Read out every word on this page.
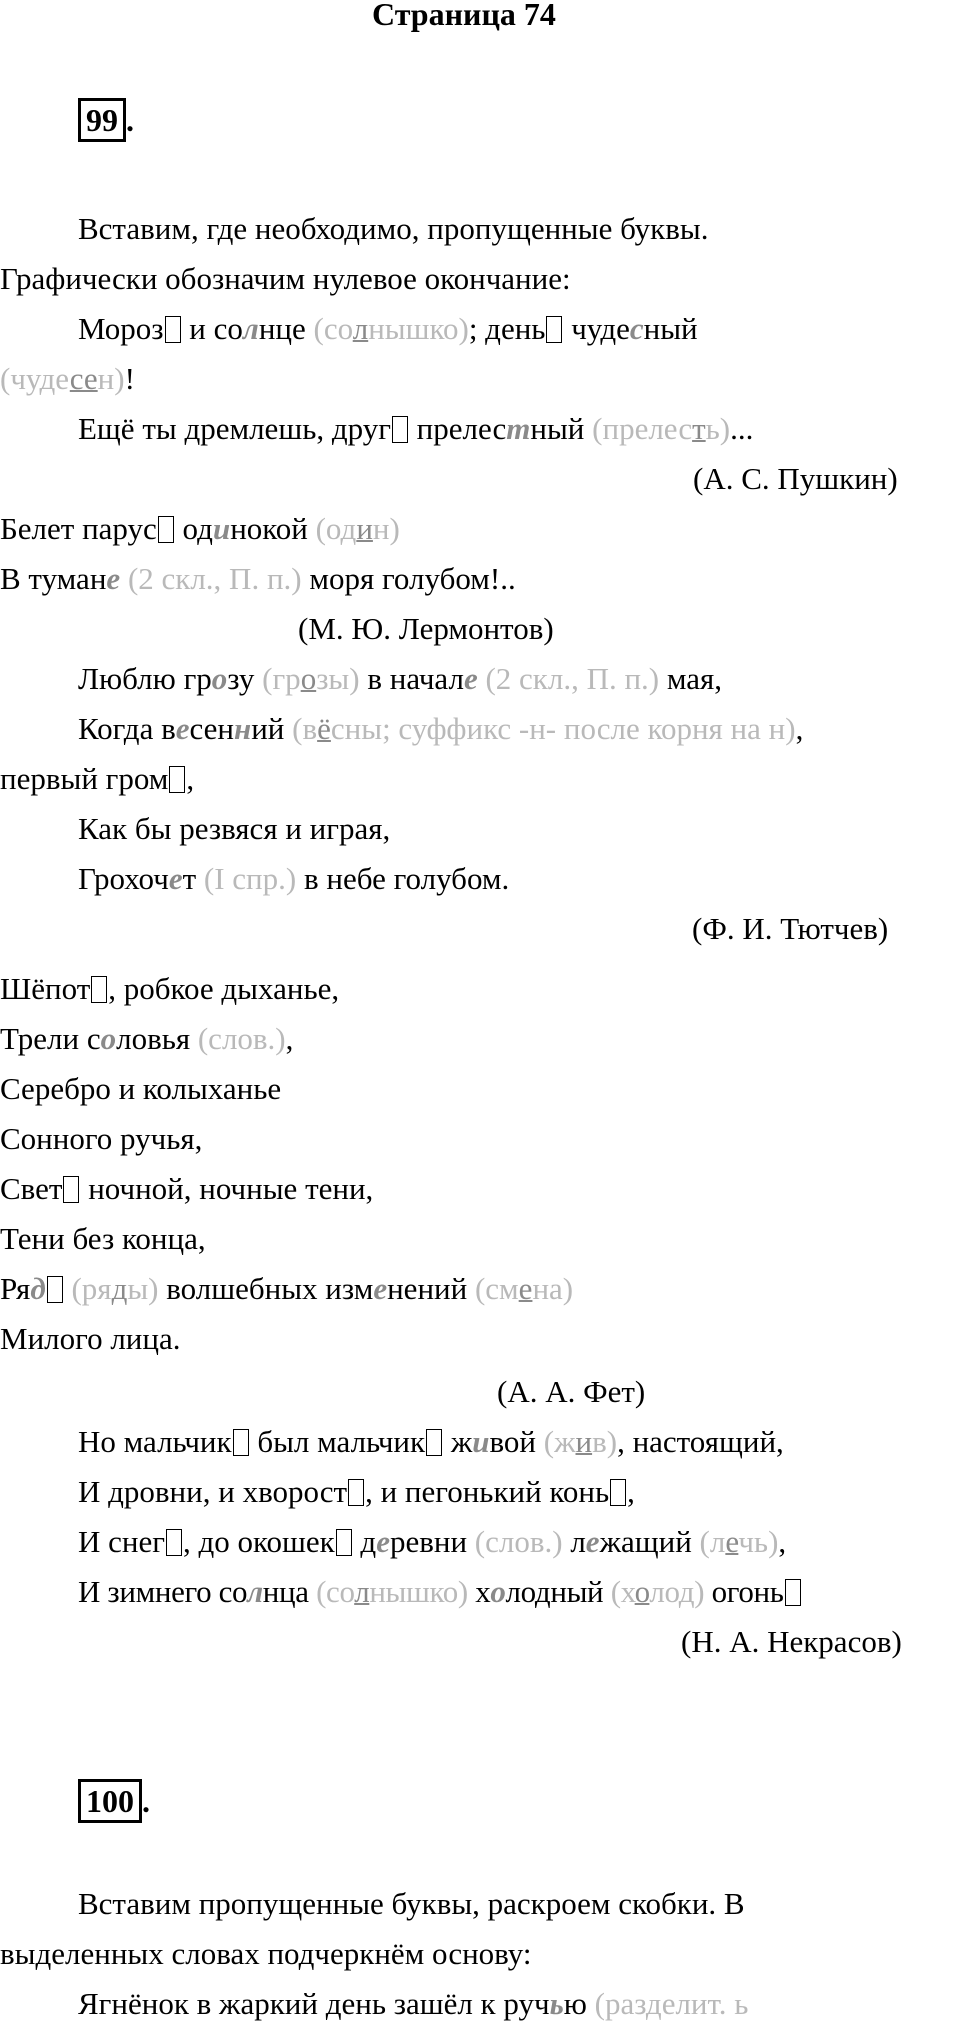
Страница 74
99 .
Вставим, где необходимо, пропущенные буквы.
Графически обозначим нулевое окончание:
Мороз и солнце (солнышко); день чудесный
(чудесен)!
Ещё ты дремлешь, друг прелестный (прелесть)...
(А. С. Пушкин)
Белет парус одинокой (один)
В тумане (2 скл., П. п.) моря голубом!..
(М. Ю. Лермонтов)
Люблю грозу (грозы) в начале (2 скл., П. п.) мая,
Когда весенний (вёсны; суффикс -н- после корня на н),
первый гром ,
Как бы резвяся и играя,
Грохочет (I спр.) в небе голубом.
(Ф. И. Тютчев)
Шёпот , робкое дыханье,
Трели соловья (слов.),
Серебро и колыханье
Сонного ручья,
Свет ночной, ночные тени,
Тени без конца,
Ряд (ряды) волшебных изменений (смена)
Милого лица.
(А. А. Фет)
Но мальчик был мальчик живой (жив), настоящий,
И дровни, и хворост , и пегонький конь ,
И снег , до окошек деревни (слов.) лежащий (лечь),
И зимнего солнца (солнышко) холодный (холод) огонь
(Н. А. Некрасов)
100 .
Вставим пропущенные буквы, раскроем скобки. В
выделенных словах подчеркнём основу:
Ягнёнок в жаркий день зашёл к ручью (разделит. ь
